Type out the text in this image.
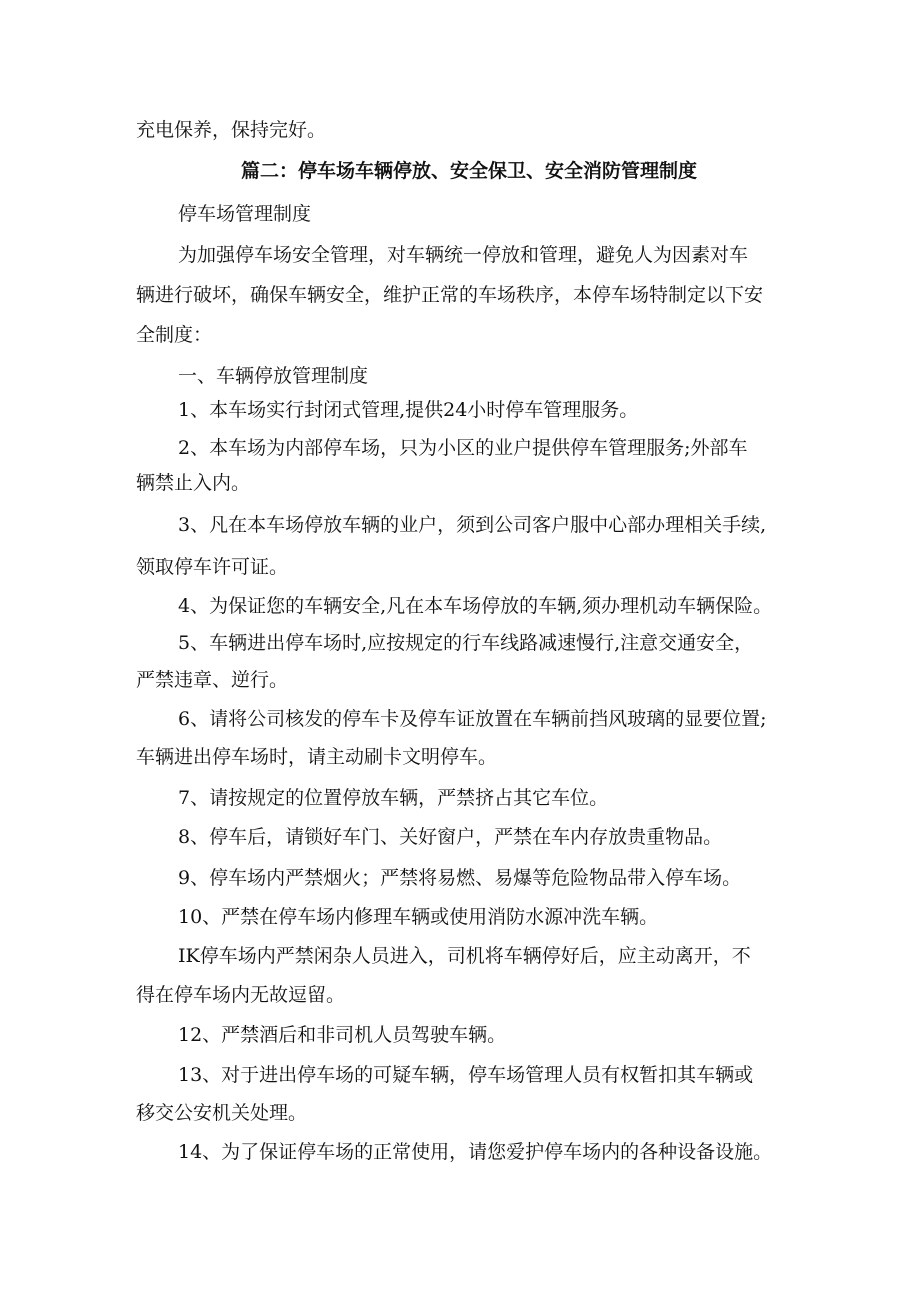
充电保养，保持完好。
篇二：停车场车辆停放、安全保卫、安全消防管理制度
停车场管理制度
为加强停车场安全管理，对车辆统一停放和管理，避免人为因素对车
辆进行破坏，确保车辆安全，维护正常的车场秩序，本停车场特制定以下安
全制度：
一、车辆停放管理制度
1、本车场实行封闭式管理,提供24小时停车管理服务。
2、本车场为内部停车场，只为小区的业户提供停车管理服务;外部车
辆禁止入内。
3、凡在本车场停放车辆的业户，须到公司客户服中心部办理相关手续,
领取停车许可证。
4、为保证您的车辆安全,凡在本车场停放的车辆,须办理机动车辆保险。
5、车辆进出停车场时,应按规定的行车线路减速慢行,注意交通安全，
严禁违章、逆行。
6、请将公司核发的停车卡及停车证放置在车辆前挡风玻璃的显要位置;
车辆进出停车场时，请主动刷卡文明停车。
7、请按规定的位置停放车辆，严禁挤占其它车位。
8、停车后，请锁好车门、关好窗户，严禁在车内存放贵重物品。
9、停车场内严禁烟火；严禁将易燃、易爆等危险物品带入停车场。
10、严禁在停车场内修理车辆或使用消防水源冲洗车辆。
IK停车场内严禁闲杂人员进入，司机将车辆停好后，应主动离开，不
得在停车场内无故逗留。
12、严禁酒后和非司机人员驾驶车辆。
13、对于进出停车场的可疑车辆，停车场管理人员有权暂扣其车辆或
移交公安机关处理。
14、为了保证停车场的正常使用，请您爱护停车场内的各种设备设施。
